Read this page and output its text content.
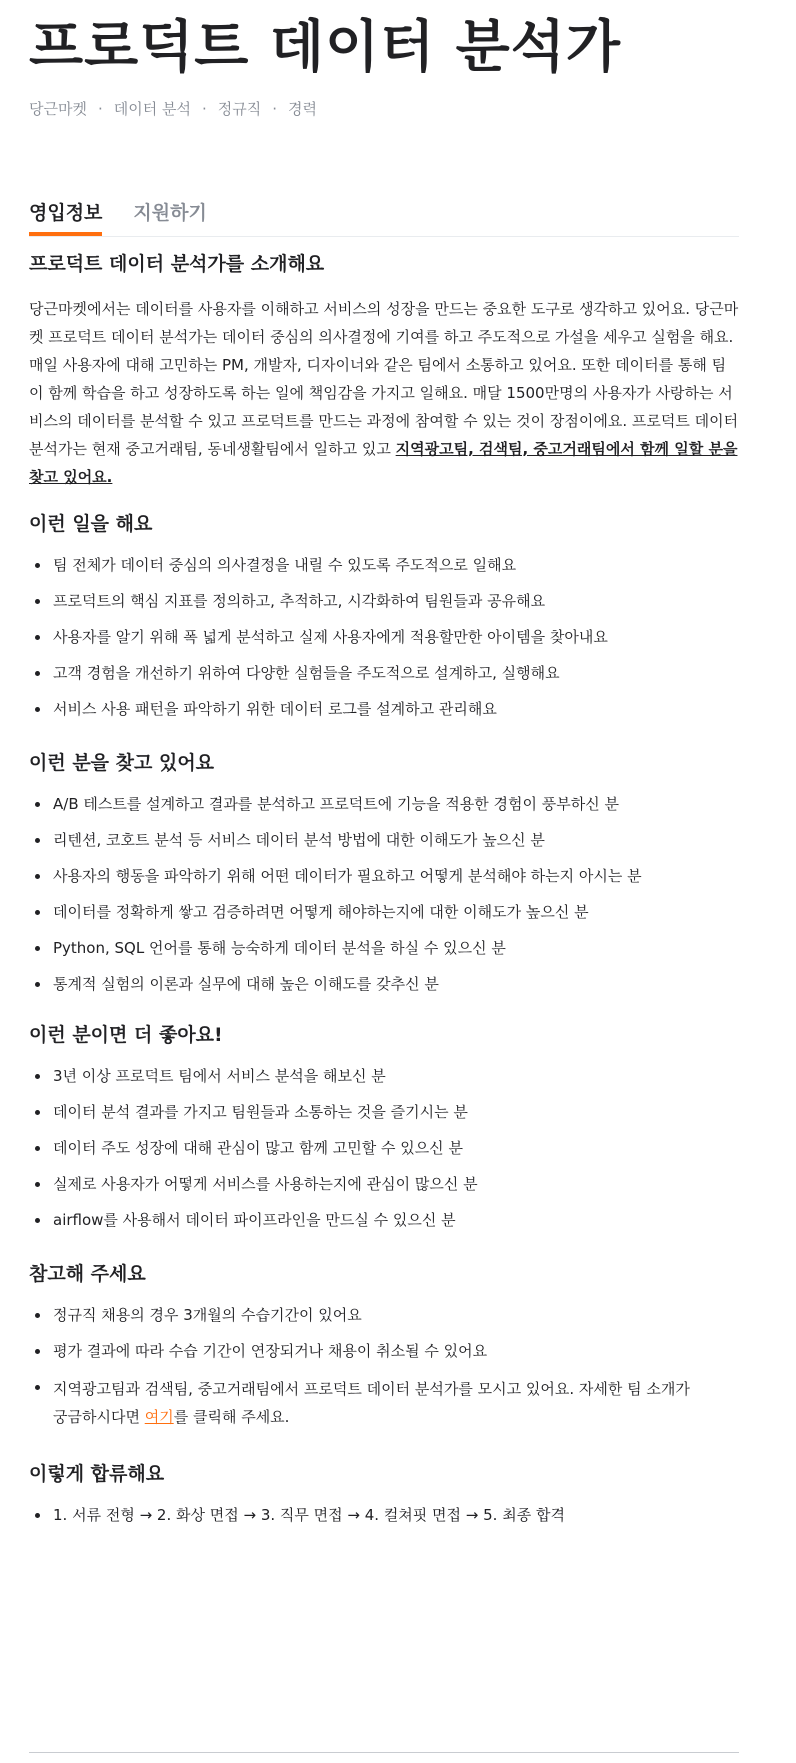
프로덕트 데이터 분석가
당근마켓 · 데이터 분석 · 정규직 · 경력
영입정보 지원하기
프로덕트 데이터 분석가를 소개해요
당근마켓에서는 데이터를 사용자를 이해하고 서비스의 성장을 만드는 중요한 도구로 생각하고 있어요. 당근마켓 프로덕트 데이터 분석가는 데이터 중심의 의사결정에 기여를 하고 주도적으로 가설을 세우고 실험을 해요. 매일 사용자에 대해 고민하는 PM, 개발자, 디자이너와 같은 팀에서 소통하고 있어요. 또한 데이터를 통해 팀이 함께 학습을 하고 성장하도록 하는 일에 책임감을 가지고 일해요. 매달 1500만명의 사용자가 사랑하는 서비스의 데이터를 분석할 수 있고 프로덕트를 만드는 과정에 참여할 수 있는 것이 장점이에요. 프로덕트 데이터 분석가는 현재 중고거래팀, 동네생활팀에서 일하고 있고 지역광고팀, 검색팀, 중고거래팀에서 함께 일할 분을 찾고 있어요.
이런 일을 해요
팀 전체가 데이터 중심의 의사결정을 내릴 수 있도록 주도적으로 일해요
프로덕트의 핵심 지표를 정의하고, 추적하고, 시각화하여 팀원들과 공유해요
사용자를 알기 위해 폭 넓게 분석하고 실제 사용자에게 적용할만한 아이템을 찾아내요
고객 경험을 개선하기 위하여 다양한 실험들을 주도적으로 설계하고, 실행해요
서비스 사용 패턴을 파악하기 위한 데이터 로그를 설계하고 관리해요
이런 분을 찾고 있어요
A/B 테스트를 설계하고 결과를 분석하고 프로덕트에 기능을 적용한 경험이 풍부하신 분
리텐션, 코호트 분석 등 서비스 데이터 분석 방법에 대한 이해도가 높으신 분
사용자의 행동을 파악하기 위해 어떤 데이터가 필요하고 어떻게 분석해야 하는지 아시는 분
데이터를 정확하게 쌓고 검증하려면 어떻게 해야하는지에 대한 이해도가 높으신 분
Python, SQL 언어를 통해 능숙하게 데이터 분석을 하실 수 있으신 분
통계적 실험의 이론과 실무에 대해 높은 이해도를 갖추신 분
이런 분이면 더 좋아요!
3년 이상 프로덕트 팀에서 서비스 분석을 해보신 분
데이터 분석 결과를 가지고 팀원들과 소통하는 것을 즐기시는 분
데이터 주도 성장에 대해 관심이 많고 함께 고민할 수 있으신 분
실제로 사용자가 어떻게 서비스를 사용하는지에 관심이 많으신 분
airflow를 사용해서 데이터 파이프라인을 만드실 수 있으신 분
참고해 주세요
정규직 채용의 경우 3개월의 수습기간이 있어요
평가 결과에 따라 수습 기간이 연장되거나 채용이 취소될 수 있어요
지역광고팀과 검색팀, 중고거래팀에서 프로덕트 데이터 분석가를 모시고 있어요. 자세한 팀 소개가 궁금하시다면 여기를 클릭해 주세요.
이렇게 합류해요
1. 서류 전형 → 2. 화상 면접 → 3. 직무 면접 → 4. 컬쳐핏 면접 → 5. 최종 합격
